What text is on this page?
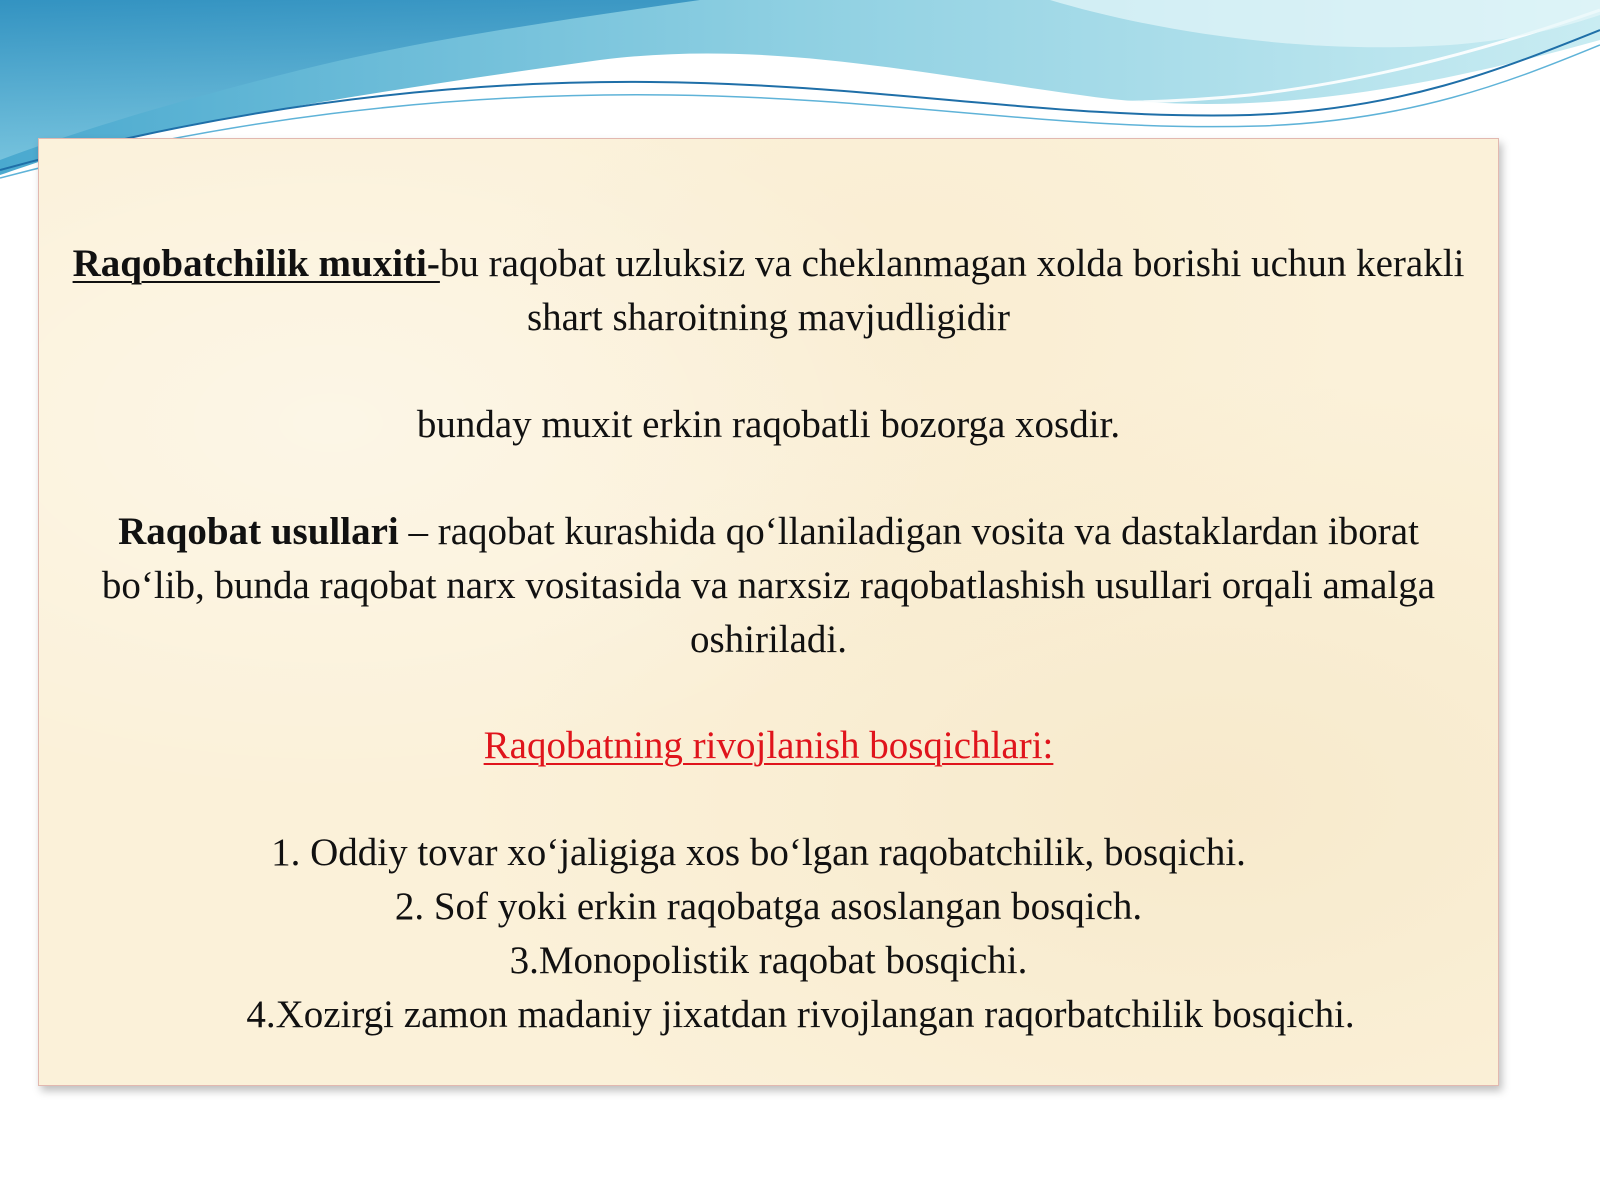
Raqobatchilik muxiti-bu raqobat uzluksiz va cheklanmagan xolda borishi uchun kerakli shart sharoitning mavjudligidir
bunday muxit erkin raqobatli bozorga xosdir.
Raqobat usullari – raqobat kurashida qo‘llaniladigan vosita va dastaklardan iborat bo‘lib, bunda raqobat narx vositasida va narxsiz raqobatlashish usullari orqali amalga oshiriladi.
Raqobatning rivojlanish bosqichlari:
1. Oddiy tovar xo‘jaligiga xos bo‘lgan raqobatchilik, bosqichi.
2. Sof yoki erkin raqobatga asoslangan bosqich.
3.Monopolistik raqobat bosqichi.
4.Xozirgi zamon madaniy jixatdan rivojlangan raqorbatchilik bosqichi.
